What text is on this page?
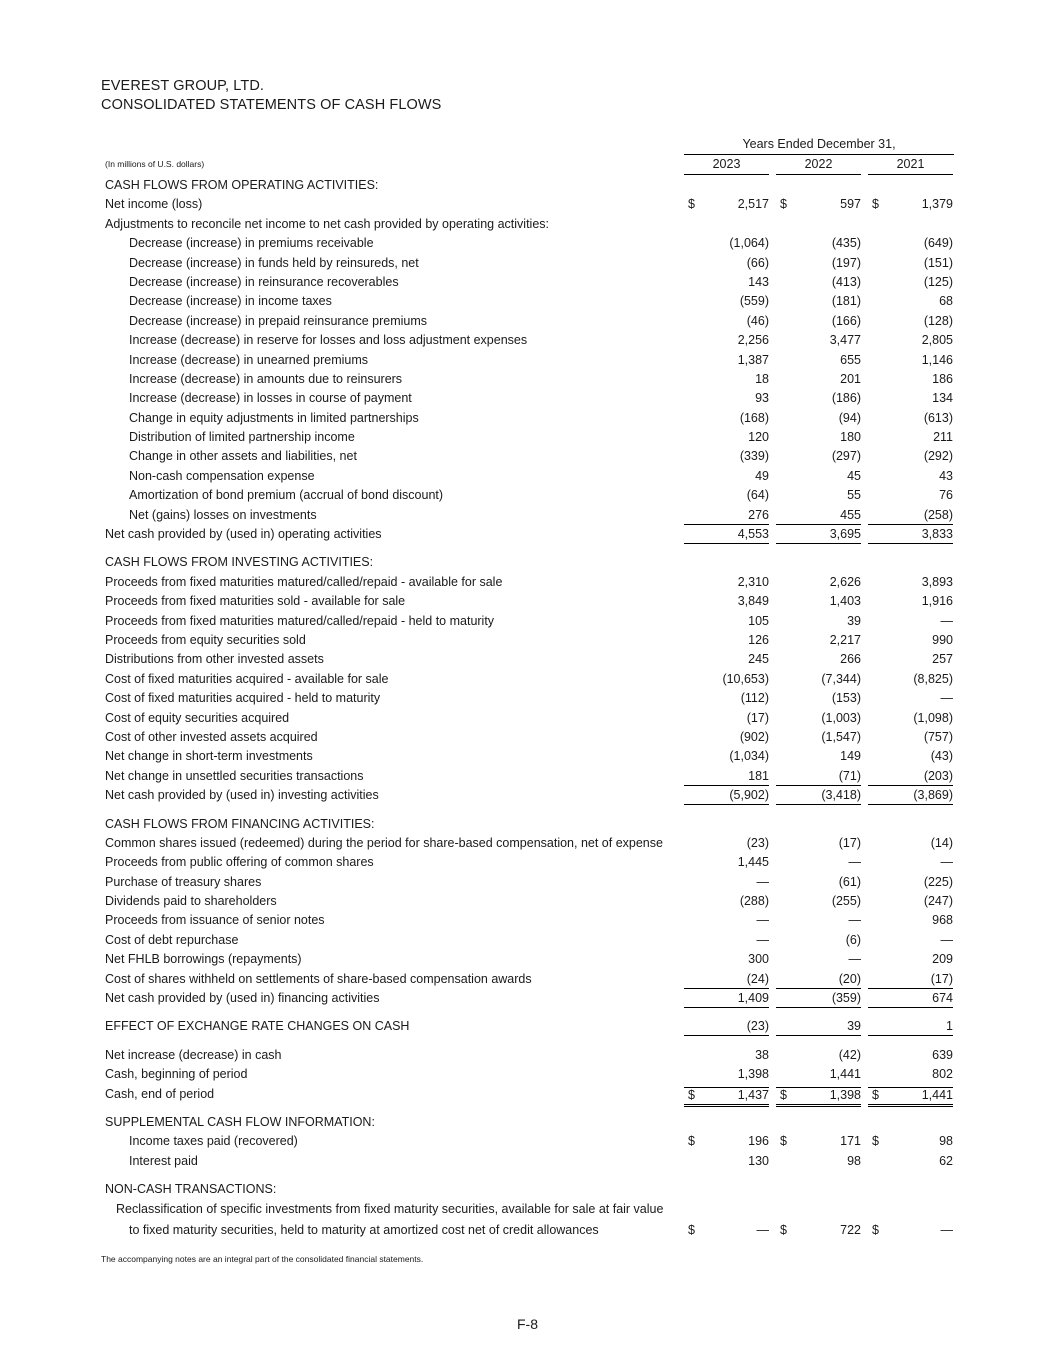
EVEREST GROUP, LTD.
CONSOLIDATED STATEMENTS OF CASH FLOWS
Years Ended December 31,
(In millions of U.S. dollars)	2023	2022	2021
CASH FLOWS FROM OPERATING ACTIVITIES:
Net income (loss)	$	2,517 $	597 $	1,379
Adjustments to reconcile net income to net cash provided by operating activities:
Decrease (increase) in premiums receivable	(1,064)	(435)	(649)
Decrease (increase) in funds held by reinsureds, net	(66)	(197)	(151)
Decrease (increase) in reinsurance recoverables	143	(413)	(125)
Decrease (increase) in income taxes	(559)	(181)	68
Decrease (increase) in prepaid reinsurance premiums	(46)	(166)	(128)
Increase (decrease) in reserve for losses and loss adjustment expenses	2,256	3,477	2,805
Increase (decrease) in unearned premiums	1,387	655	1,146
Increase (decrease) in amounts due to reinsurers	18	201	186
Increase (decrease) in losses in course of payment	93	(186)	134
Change in equity adjustments in limited partnerships	(168)	(94)	(613)
Distribution of limited partnership income	120	180	211
Change in other assets and liabilities, net	(339)	(297)	(292)
Non-cash compensation expense	49	45	43
Amortization of bond premium (accrual of bond discount)	(64)	55	76
Net (gains) losses on investments	276	455	(258)
Net cash provided by (used in) operating activities	4,553	3,695	3,833
CASH FLOWS FROM INVESTING ACTIVITIES:
Proceeds from fixed maturities matured/called/repaid - available for sale	2,310	2,626	3,893
Proceeds from fixed maturities sold - available for sale	3,849	1,403	1,916
Proceeds from fixed maturities matured/called/repaid - held to maturity	105	39	—
Proceeds from equity securities sold	126	2,217	990
Distributions from other invested assets	245	266	257
Cost of fixed maturities acquired - available for sale	(10,653)	(7,344)	(8,825)
Cost of fixed maturities acquired - held to maturity	(112)	(153)	—
Cost of equity securities acquired	(17)	(1,003)	(1,098)
Cost of other invested assets acquired	(902)	(1,547)	(757)
Net change in short-term investments	(1,034)	149	(43)
Net change in unsettled securities transactions	181	(71)	(203)
Net cash provided by (used in) investing activities	(5,902)	(3,418)	(3,869)
CASH FLOWS FROM FINANCING ACTIVITIES:
Common shares issued (redeemed) during the period for share-based compensation, net of expense	(23)	(17)	(14)
Proceeds from public offering of common shares	1,445	—	—
Purchase of treasury shares	—	(61)	(225)
Dividends paid to shareholders	(288)	(255)	(247)
Proceeds from issuance of senior notes	—	—	968
Cost of debt repurchase	—	(6)	—
Net FHLB borrowings (repayments)	300	—	209
Cost of shares withheld on settlements of share-based compensation awards	(24)	(20)	(17)
Net cash provided by (used in) financing activities	1,409	(359)	674
EFFECT OF EXCHANGE RATE CHANGES ON CASH	(23)	39	1
Net increase (decrease) in cash	38	(42)	639
Cash, beginning of period	1,398	1,441	802
Cash, end of period	$	1,437 $	1,398 $	1,441
SUPPLEMENTAL CASH FLOW INFORMATION:
Income taxes paid (recovered)	$	196 $	171 $	98
Interest paid	130	98	62
NON-CASH TRANSACTIONS:
Reclassification of specific investments from fixed maturity securities, available for sale at fair value
to fixed maturity securities, held to maturity at amortized cost net of credit allowances	$	— $	722 $	—
The accompanying notes are an integral part of the consolidated financial statements.
F-8
